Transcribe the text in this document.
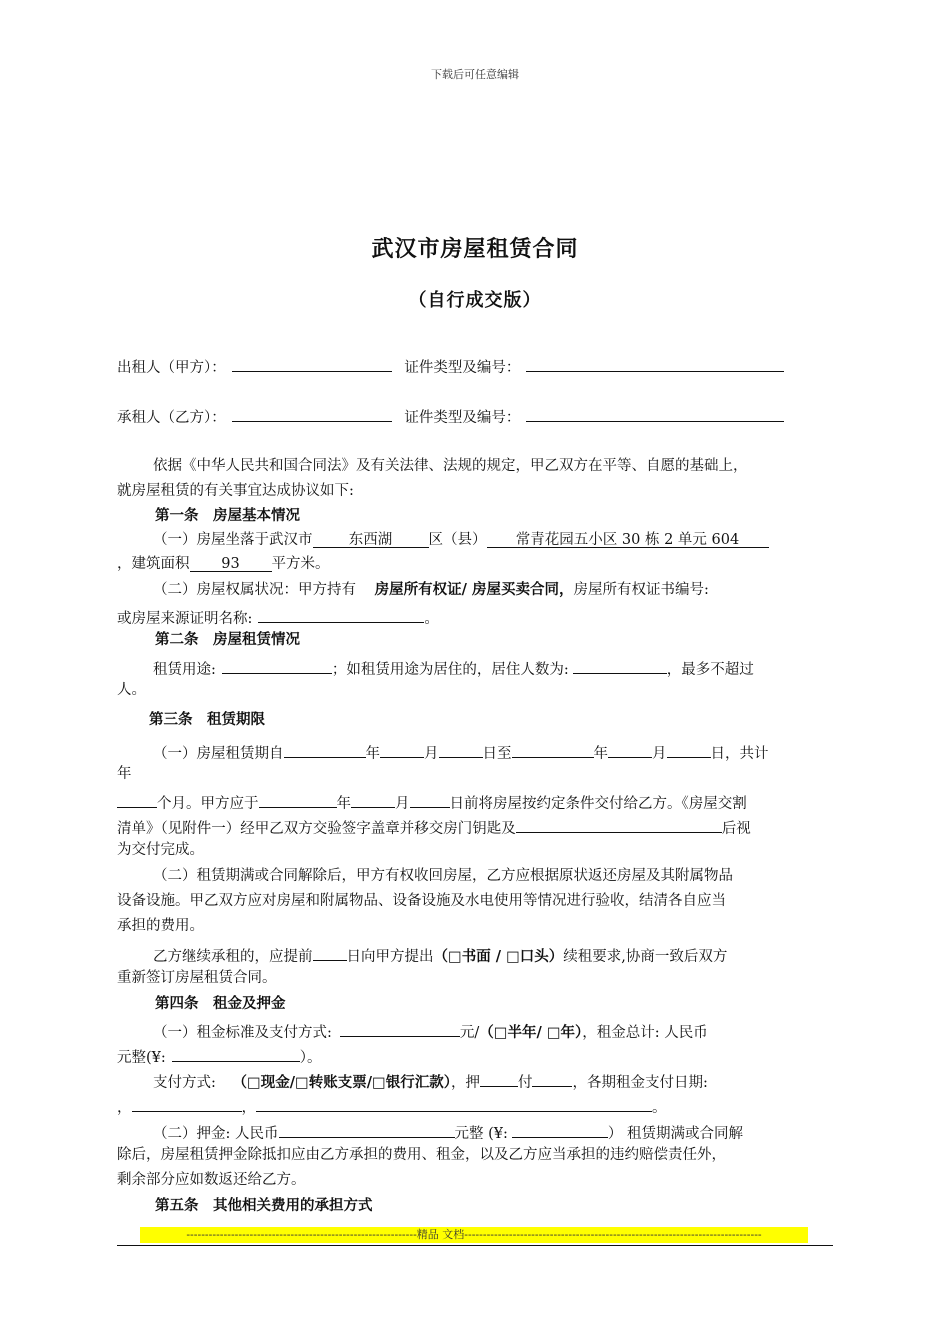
下载后可任意编辑
武汉市房屋租赁合同
（自行成交版）
出租人（甲方）：	证件类型及编号：
承租人（乙方）：	证件类型及编号：
依据《中华人民共和国合同法》及有关法律、法规的规定，甲乙双方在平等、自愿的基础上，
就房屋租赁的有关事宜达成协议如下:
第一条　房屋基本情况
（一）房屋坐落于武汉市	东西湖	区（县） 常青花园五小区 30 栋 2 单元 604
，建筑面积 93 平方米。
（二）房屋权属状况：甲方持有 房屋所有权证/ 房屋买卖合同，房屋所有权证书编号:
或房屋来源证明名称:	。
第二条　房屋租赁情况
租赁用途:	；如租赁用途为居住的，居住人数为:	，最多不超过
人。
第三条　租赁期限
（一）房屋租赁期自	年	月	日至	年	月	日，共计
年
个月。甲方应于	年	月	日前将房屋按约定条件交付给乙方。《房屋交割
清单》（见附件一）经甲乙双方交验签字盖章并移交房门钥匙及	后视
为交付完成。
（二）租赁期满或合同解除后，甲方有权收回房屋，乙方应根据原状返还房屋及其附属物品
设备设施。甲乙双方应对房屋和附属物品、设备设施及水电使用等情况进行验收，结清各自应当
承担的费用。
乙方继续承租的，应提前 日向甲方提出（□书面 / □口头）续租要求,协商一致后双方
重新签订房屋租赁合同。
第四条　租金及押金
（一）租金标准及支付方式:	元/（□半年/ □年），租金总计: 人民币
元整(¥:	）。
支付方式: （□现金/□转账支票/□银行汇款），押	付	，各期租金支付日期:
，	，	。
（二）押金: 人民币	元整 (¥:	） 租赁期满或合同解
除后，房屋租赁押金除抵扣应由乙方承担的费用、租金，以及乙方应当承担的违约赔偿责任外，
剩余部分应如数返还给乙方。
第五条　其他相关费用的承担方式
--------------------------------------------------------------精品 文档--------------------------------------------------------------------------------
